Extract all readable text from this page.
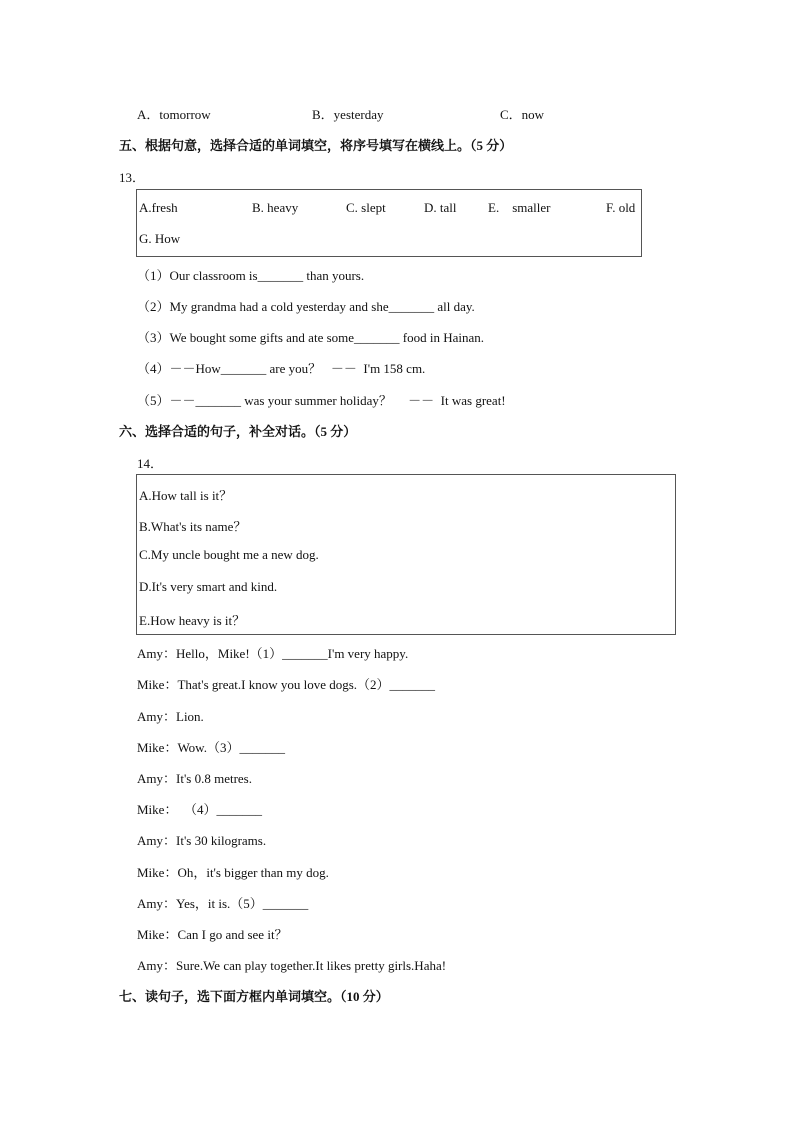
A．tomorrow	B．yesterday	C．now
五、根据句意，选择合适的单词填空，将序号填写在横线上。（5 分）
13．
A.fresh	B. heavy	C. slept	D. tall E.    smaller	F. old
G. How
（1）Our classroom is_______ than yours.
（2）My grandma had a cold yesterday and she_______ all day.
（3）We bought some gifts and ate some_______ food in Hainan.
（4）－－How_______ are you？   －－  I'm 158 cm.
（5）－－_______ was your summer holiday？     －－  It was great!
六、选择合适的句子，补全对话。（5 分）
14．
A.How tall is it？
B.What's its name？
C.My uncle bought me a new dog.
D.It's very smart and kind.
E.How heavy is it？
Amy：Hello，Mike!（1）_______I'm very happy.
Mike：That's great.I know you love dogs.（2）_______
Amy：Lion.
Mike：Wow.（3）_______
Amy：It's 0.8 metres.
Mike：  （4）_______
Amy：It's 30 kilograms.
Mike：Oh，it's bigger than my dog.
Amy：Yes，it is.（5）_______
Mike：Can I go and see it？
Amy：Sure.We can play together.It likes pretty girls.Haha!
七、读句子，选下面方框内单词填空。（10 分）
